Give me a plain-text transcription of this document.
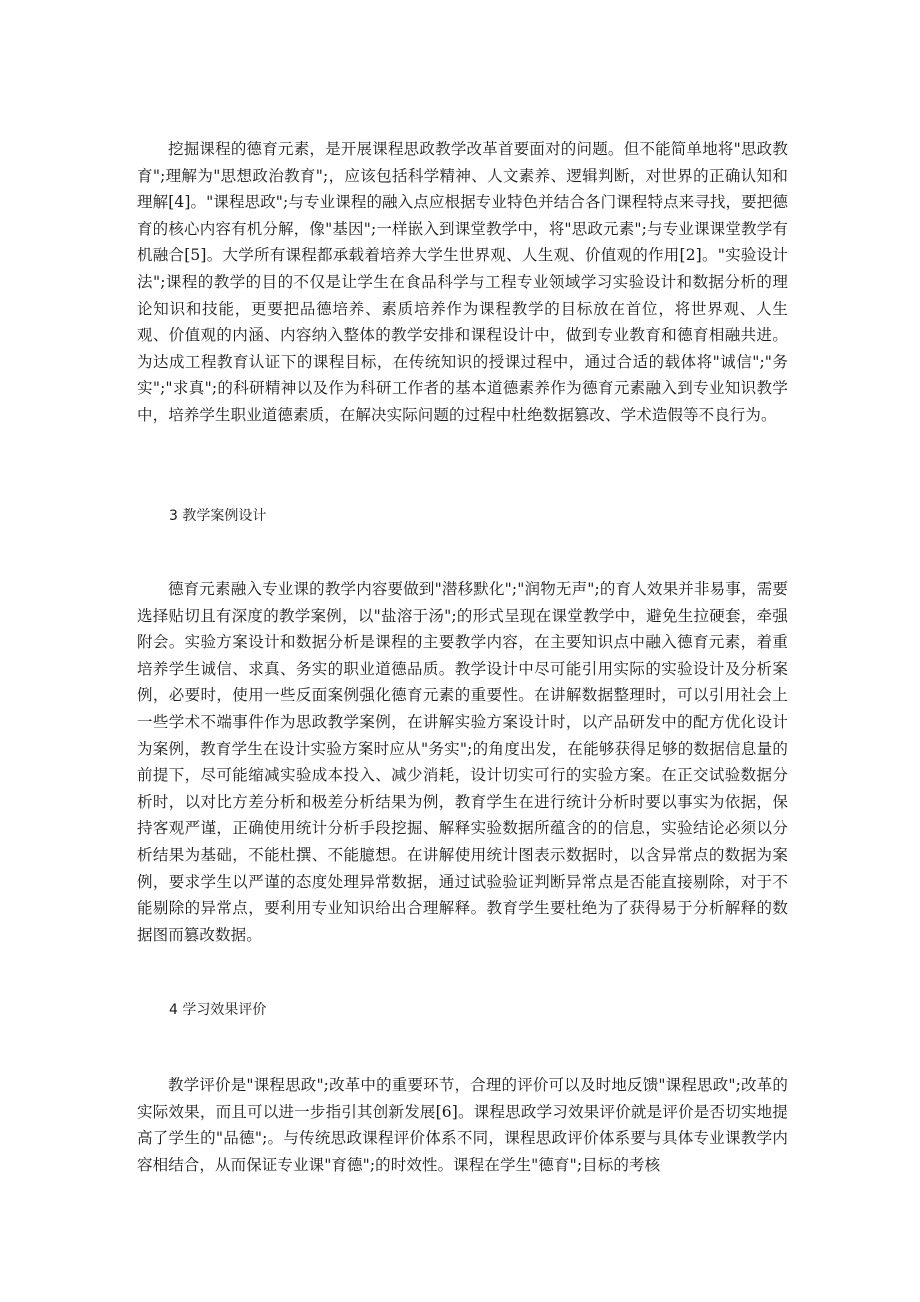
挖掘课程的德育元素，是开展课程思政教学改革首要面对的问题。但不能简单地将"思政教育";理解为"思想政治教育";，应该包括科学精神、人文素养、逻辑判断，对世界的正确认知和理解[4]。"课程思政";与专业课程的融入点应根据专业特色并结合各门课程特点来寻找，要把德育的核心内容有机分解，像"基因";一样嵌入到课堂教学中，将"思政元素";与专业课课堂教学有机融合[5]。大学所有课程都承载着培养大学生世界观、人生观、价值观的作用[2]。"实验设计法";课程的教学的目的不仅是让学生在食品科学与工程专业领域学习实验设计和数据分析的理论知识和技能，更要把品德培养、素质培养作为课程教学的目标放在首位，将世界观、人生观、价值观的内涵、内容纳入整体的教学安排和课程设计中，做到专业教育和德育相融共进。为达成工程教育认证下的课程目标，在传统知识的授课过程中，通过合适的载体将"诚信";"务实";"求真";的科研精神以及作为科研工作者的基本道德素养作为德育元素融入到专业知识教学中，培养学生职业道德素质，在解决实际问题的过程中杜绝数据篡改、学术造假等不良行为。

3 教学案例设计

德育元素融入专业课的教学内容要做到"潜移默化";"润物无声";的育人效果并非易事，需要选择贴切且有深度的教学案例，以"盐溶于汤";的形式呈现在课堂教学中，避免生拉硬套，牵强附会。实验方案设计和数据分析是课程的主要教学内容，在主要知识点中融入德育元素，着重培养学生诚信、求真、务实的职业道德品质。教学设计中尽可能引用实际的实验设计及分析案例，必要时，使用一些反面案例强化德育元素的重要性。在讲解数据整理时，可以引用社会上一些学术不端事件作为思政教学案例，在讲解实验方案设计时，以产品研发中的配方优化设计为案例，教育学生在设计实验方案时应从"务实";的角度出发，在能够获得足够的数据信息量的前提下，尽可能缩减实验成本投入、减少消耗，设计切实可行的实验方案。在正交试验数据分析时，以对比方差分析和极差分析结果为例，教育学生在进行统计分析时要以事实为依据，保持客观严谨，正确使用统计分析手段挖掘、解释实验数据所蕴含的的信息，实验结论必须以分析结果为基础，不能杜撰、不能臆想。在讲解使用统计图表示数据时，以含异常点的数据为案例，要求学生以严谨的态度处理异常数据，通过试验验证判断异常点是否能直接剔除，对于不能剔除的异常点，要利用专业知识给出合理解释。教育学生要杜绝为了获得易于分析解释的数据图而篡改数据。

4 学习效果评价

教学评价是"课程思政";改革中的重要环节，合理的评价可以及时地反馈"课程思政";改革的实际效果，而且可以进一步指引其创新发展[6]。课程思政学习效果评价就是评价是否切实地提高了学生的"品德";。与传统思政课程评价体系不同，课程思政评价体系要与具体专业课教学内容相结合，从而保证专业课"育德";的时效性。课程在学生"德育";目标的考核
